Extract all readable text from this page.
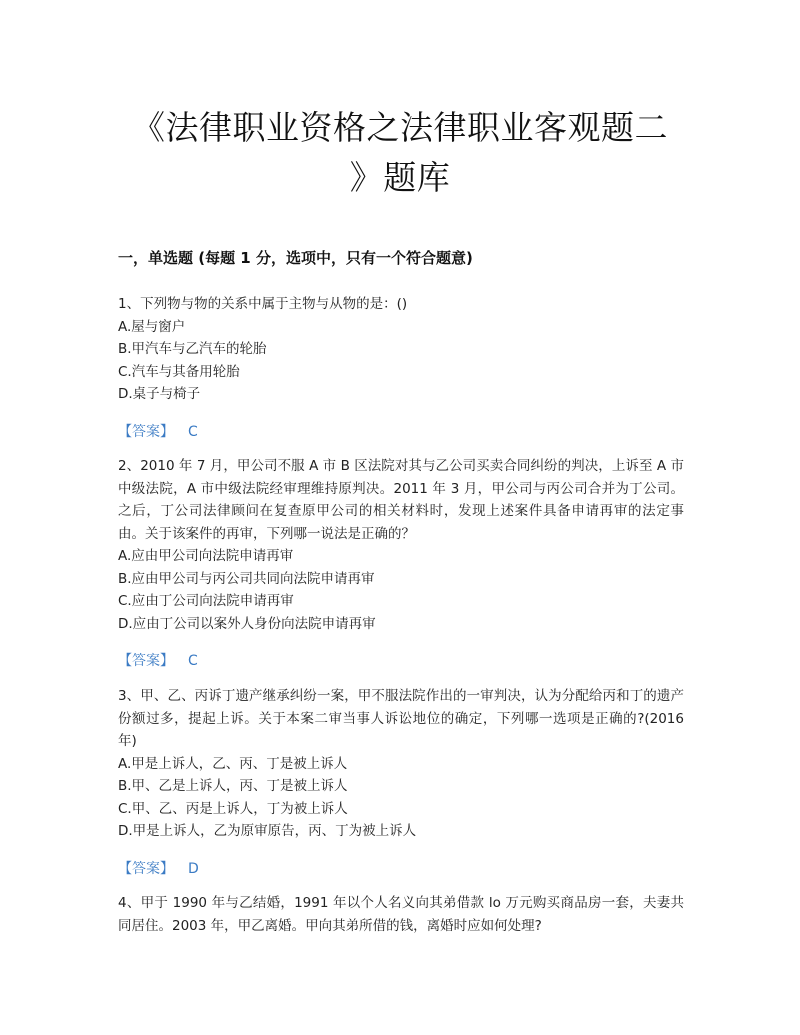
《法律职业资格之法律职业客观题二
》题库
一，单选题 (每题 1 分，选项中，只有一个符合题意)

1、下列物与物的关系中属于主物与从物的是：()

A.屋与窗户

B.甲汽车与乙汽车的轮胎

C.汽车与其备用轮胎

D.桌子与椅子

【答案】 C

2、2010 年 7 月，甲公司不服 A 市 B 区法院对其与乙公司买卖合同纠纷的判决，上诉至 A 市中级法院，A 市中级法院经审理维持原判决。2011 年 3 月，甲公司与丙公司合并为丁公司。之后，丁公司法律顾问在复查原甲公司的相关材料时，发现上述案件具备申请再审的法定事由。关于该案件的再审，下列哪一说法是正确的？

A.应由甲公司向法院申请再审

B.应由甲公司与丙公司共同向法院申请再审

C.应由丁公司向法院申请再审

D.应由丁公司以案外人身份向法院申请再审

【答案】 C

3、甲、乙、丙诉丁遗产继承纠纷一案，甲不服法院作出的一审判决，认为分配给丙和丁的遗产份额过多，提起上诉。关于本案二审当事人诉讼地位的确定，下列哪一选项是正确的?(2016 年)

A.甲是上诉人，乙、丙、丁是被上诉人

B.甲、乙是上诉人，丙、丁是被上诉人

C.甲、乙、丙是上诉人，丁为被上诉人

D.甲是上诉人，乙为原审原告，丙、丁为被上诉人

【答案】 D

4、甲于 1990 年与乙结婚，1991 年以个人名义向其弟借款 lo 万元购买商品房一套，夫妻共同居住。2003 年，甲乙离婚。甲向其弟所借的钱，离婚时应如何处理?
